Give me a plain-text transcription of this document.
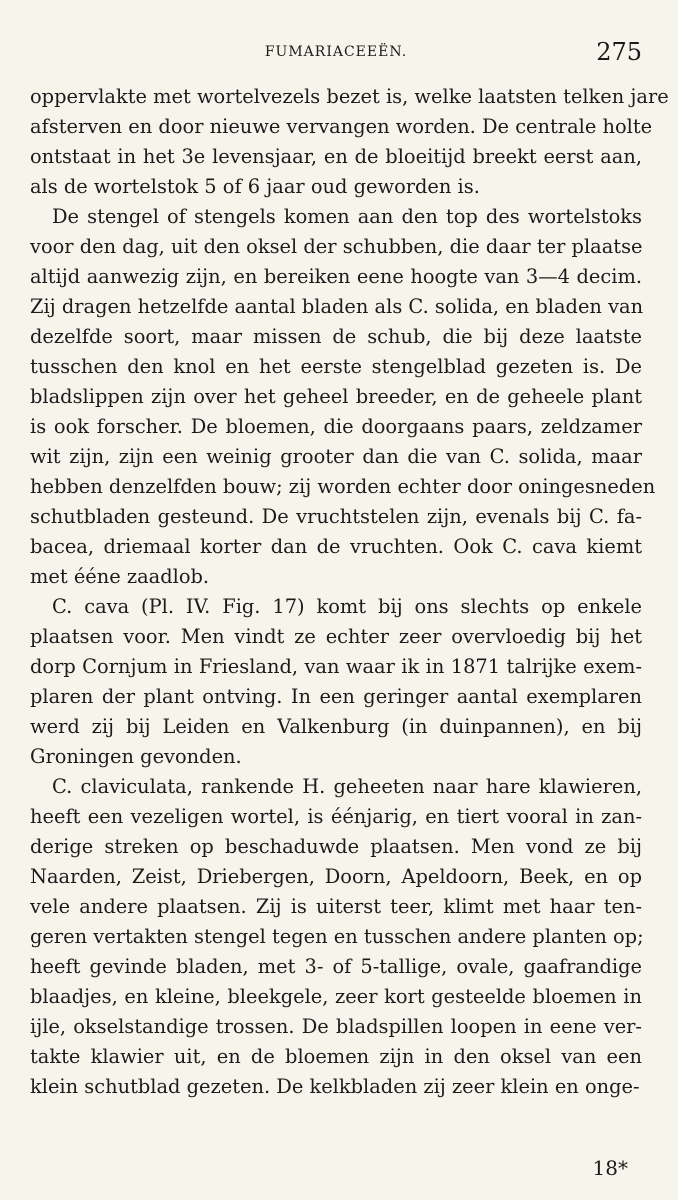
FUMARIACEEËN.	275
oppervlakte met wortelvezels bezet is, welke laatsten telken jare
afsterven en door nieuwe vervangen worden. De centrale holte
ontstaat in het 3e levensjaar, en de bloeitijd breekt eerst aan,
als de wortelstok 5 of 6 jaar oud geworden is.
De stengel of stengels komen aan den top des wortelstoks
voor den dag, uit den oksel der schubben, die daar ter plaatse
altijd aanwezig zijn, en bereiken eene hoogte van 3—4 decim.
Zij dragen hetzelfde aantal bladen als C. solida, en bladen van
dezelfde soort, maar missen de schub, die bij deze laatste
tusschen den knol en het eerste stengelblad gezeten is. De
bladslippen zijn over het geheel breeder, en de geheele plant
is ook forscher. De bloemen, die doorgaans paars, zeldzamer
wit zijn, zijn een weinig grooter dan die van C. solida, maar
hebben denzelfden bouw; zij worden echter door oningesneden
schutbladen gesteund. De vruchtstelen zijn, evenals bij C. fa-
bacea, driemaal korter dan de vruchten. Ook C. cava kiemt
met ééne zaadlob.
C. cava (Pl. IV. Fig. 17) komt bij ons slechts op enkele
plaatsen voor. Men vindt ze echter zeer overvloedig bij het
dorp Cornjum in Friesland, van waar ik in 1871 talrijke exem-
plaren der plant ontving. In een geringer aantal exemplaren
werd zij bij Leiden en Valkenburg (in duinpannen), en bij
Groningen gevonden.
C. claviculata, rankende H. geheeten naar hare klawieren,
heeft een vezeligen wortel, is éénjarig, en tiert vooral in zan-
derige streken op beschaduwde plaatsen. Men vond ze bij
Naarden, Zeist, Driebergen, Doorn, Apeldoorn, Beek, en op
vele andere plaatsen. Zij is uiterst teer, klimt met haar ten-
geren vertakten stengel tegen en tusschen andere planten op;
heeft gevinde bladen, met 3- of 5-tallige, ovale, gaafrandige
blaadjes, en kleine, bleekgele, zeer kort gesteelde bloemen in
ijle, okselstandige trossen. De bladspillen loopen in eene ver-
takte klawier uit, en de bloemen zijn in den oksel van een
klein schutblad gezeten. De kelkbladen zij zeer klein en onge-
18*
